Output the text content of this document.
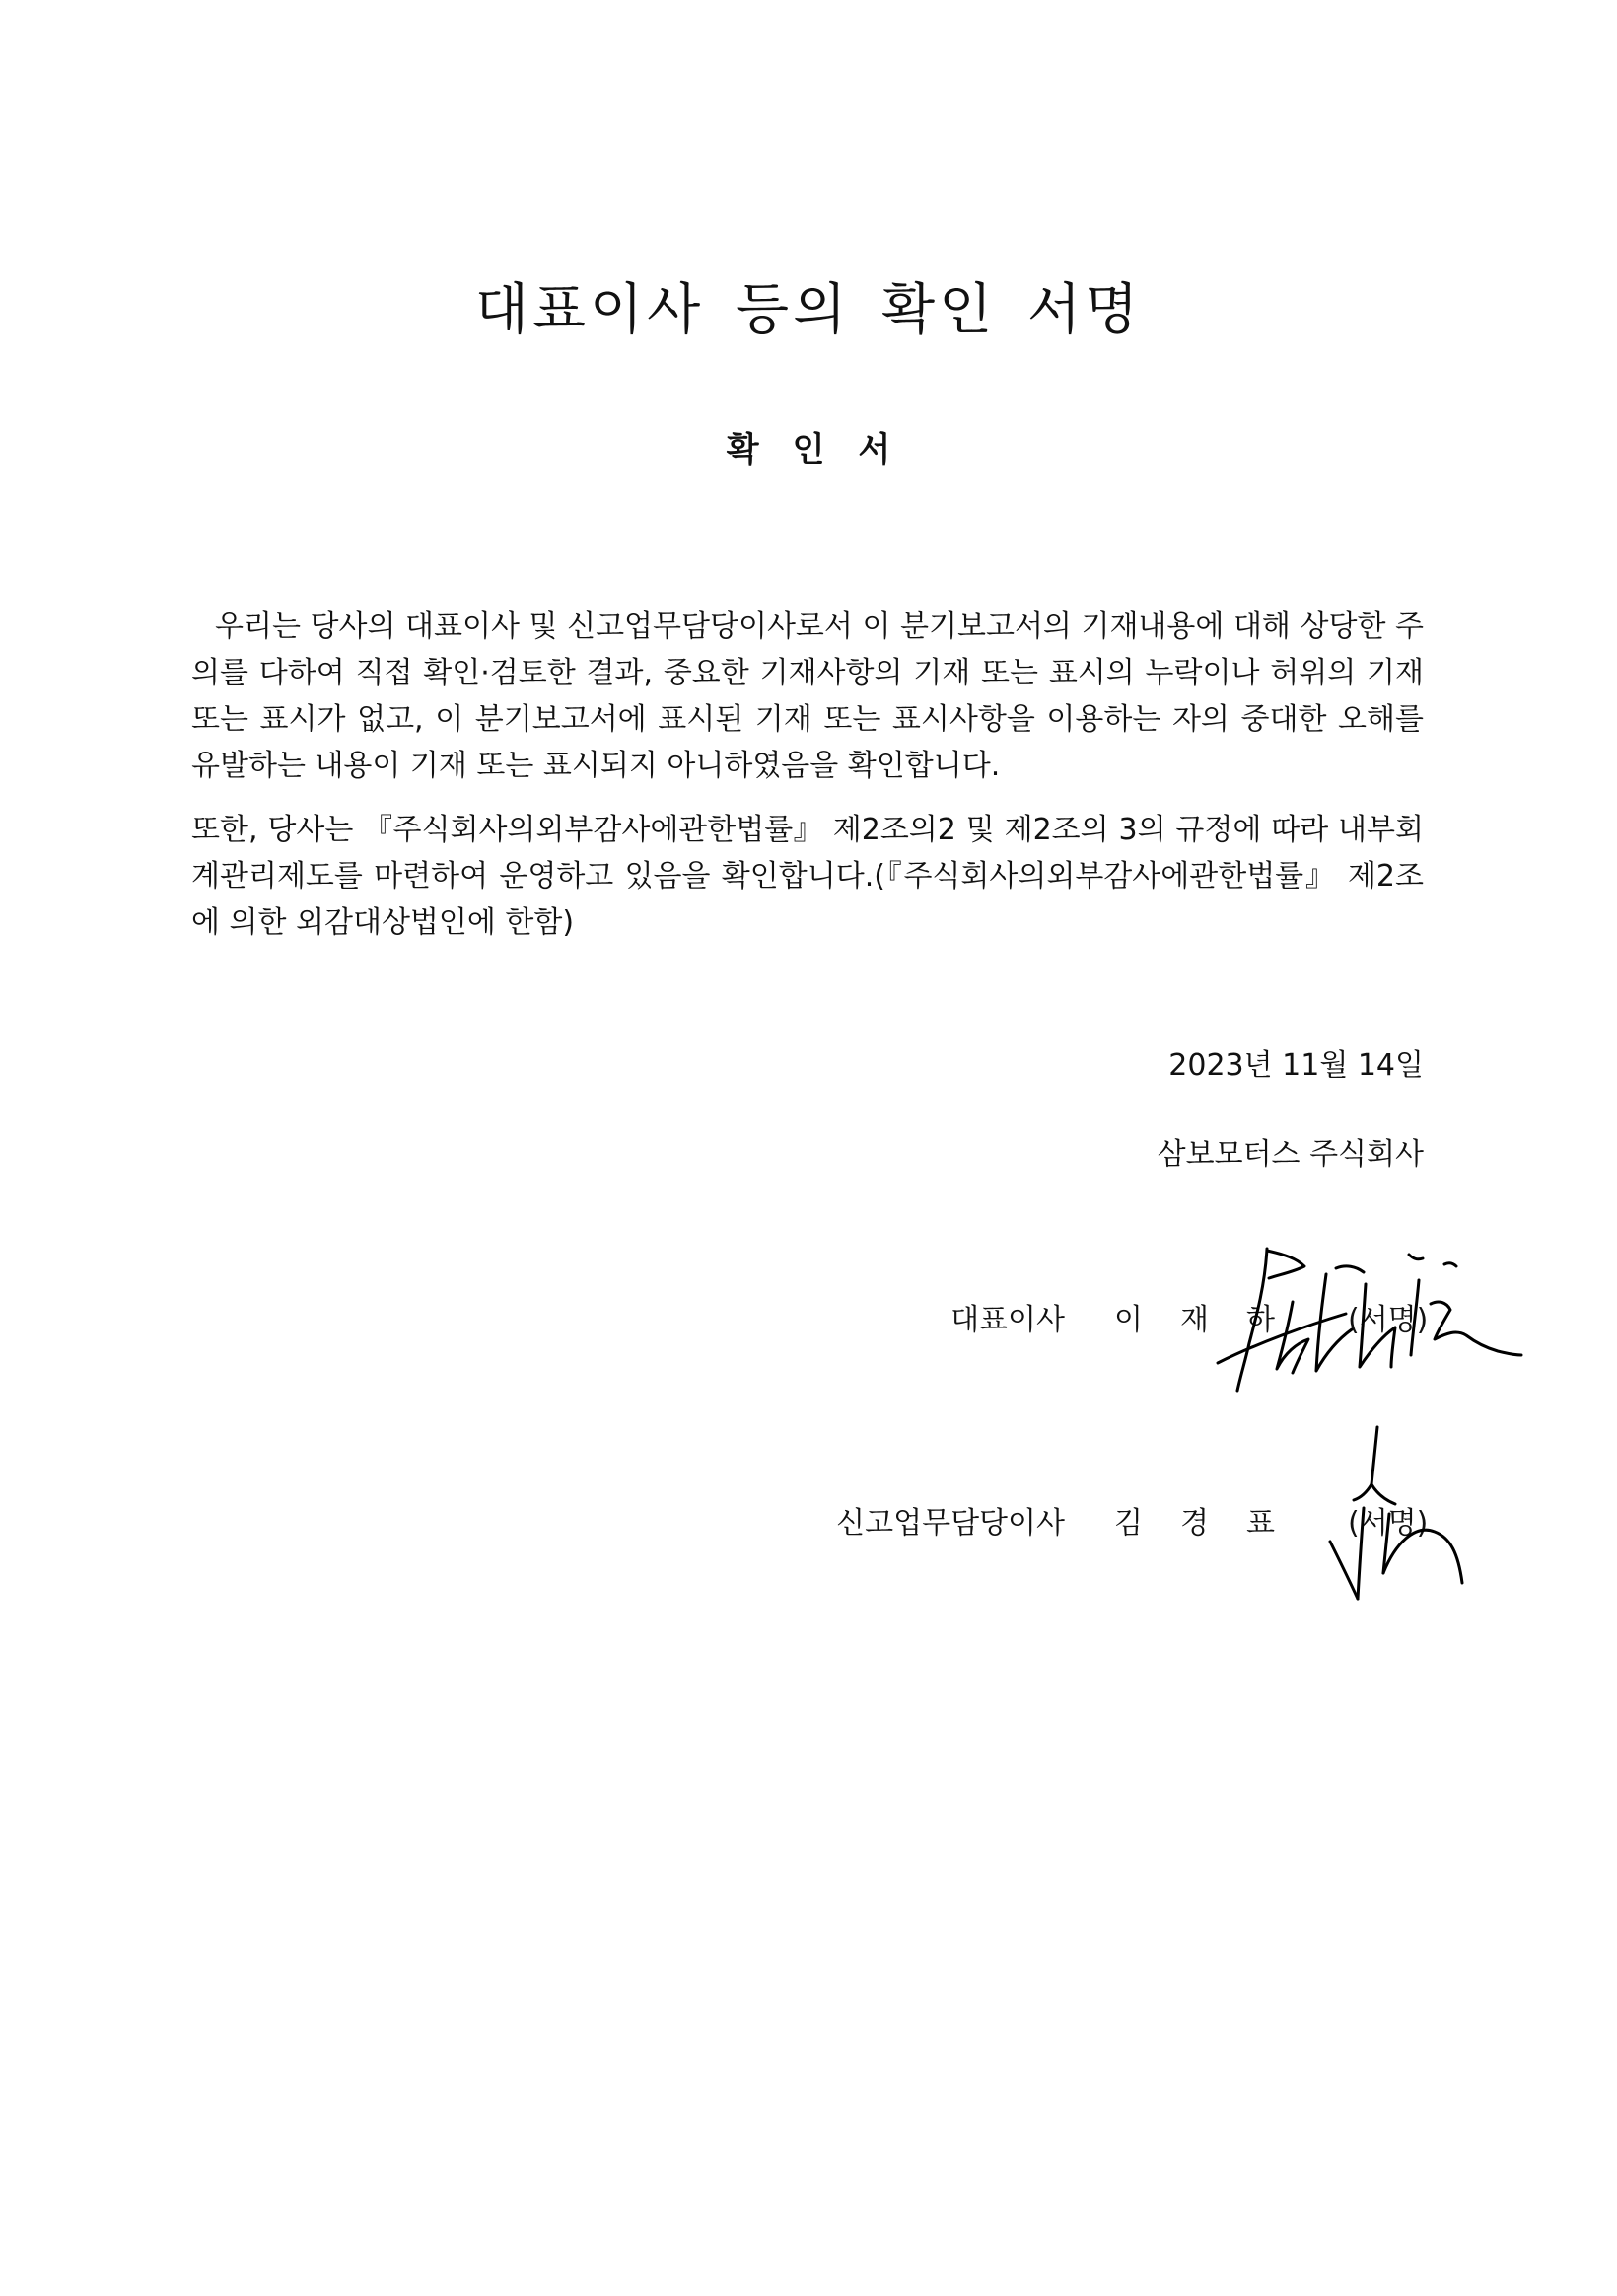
대표이사 등의 확인 서명
확인서

우리는 당사의 대표이사 및 신고업무담당이사로서 이 분기보고서의 기재내용에 대해 상당한 주의를 다하여 직접 확인·검토한 결과, 중요한 기재사항의 기재 또는 표시의 누락이나 허위의 기재 또는 표시가 없고, 이 분기보고서에 표시된 기재 또는 표시사항을 이용하는 자의 중대한 오해를 유발하는 내용이 기재 또는 표시되지 아니하였음을 확인합니다.

또한, 당사는 『주식회사의외부감사에관한법률』 제2조의2 및 제2조의 3의 규정에 따라 내부회계관리제도를 마련하여 운영하고 있음을 확인합니다.(『주식회사의외부감사에관한법률』 제2조에 의한 외감대상법인에 한함)

2023년 11월 14일

삼보모터스 주식회사

대표이사 이재하 (서명)
신고업무담당이사 김경표 (서명)
